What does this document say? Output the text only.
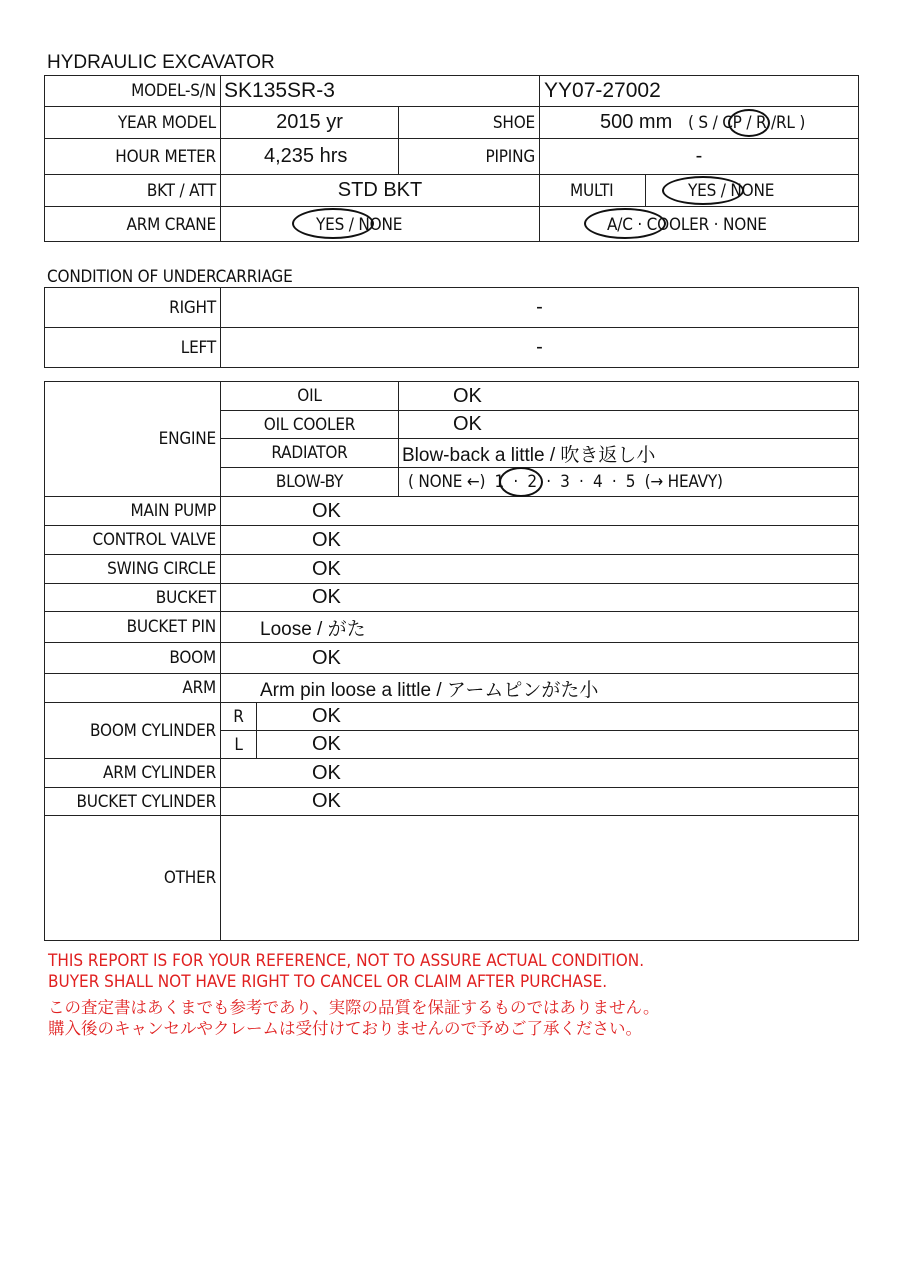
HYDRAULIC EXCAVATOR
MODEL-S/N SK135SR-3	YY07-27002
YEAR MODEL	2015 yr	SHOE	500 mm ( S / CP / R /RL )
HOUR METER 4,235 hrs	PIPING	-
BKT / ATT	STD BKT	MULTI	YES / NONE
ARM CRANE	YES / NONE	A/C · COOLER · NONE
CONDITION OF UNDERCARRIAGE
RIGHT	-
LEFT	-
ENGINE
OIL	OK
OIL COOLER	OK
RADIATOR	Blow-back a little / 吹き返し小
BLOW-BY	( NONE ←)  1  ·  2  ·  3  ·  4  ·  5  (→ HEAVY)
MAIN PUMP	OK
CONTROL VALVE	OK
SWING CIRCLE	OK
BUCKET	OK
BUCKET PIN Loose / がた
BOOM	OK
ARM Arm pin loose a little / アームピンがた小
BOOM CYLINDER
R	OK
L	OK
ARM CYLINDER	OK
BUCKET CYLINDER	OK
OTHER
THIS REPORT IS FOR YOUR REFERENCE, NOT TO ASSURE ACTUAL CONDITION.
BUYER SHALL NOT HAVE RIGHT TO CANCEL OR CLAIM AFTER PURCHASE.
この査定書はあくまでも参考であり、実際の品質を保証するものではありません。
購入後のキャンセルやクレームは受付けておりませんので予めご了承ください。
